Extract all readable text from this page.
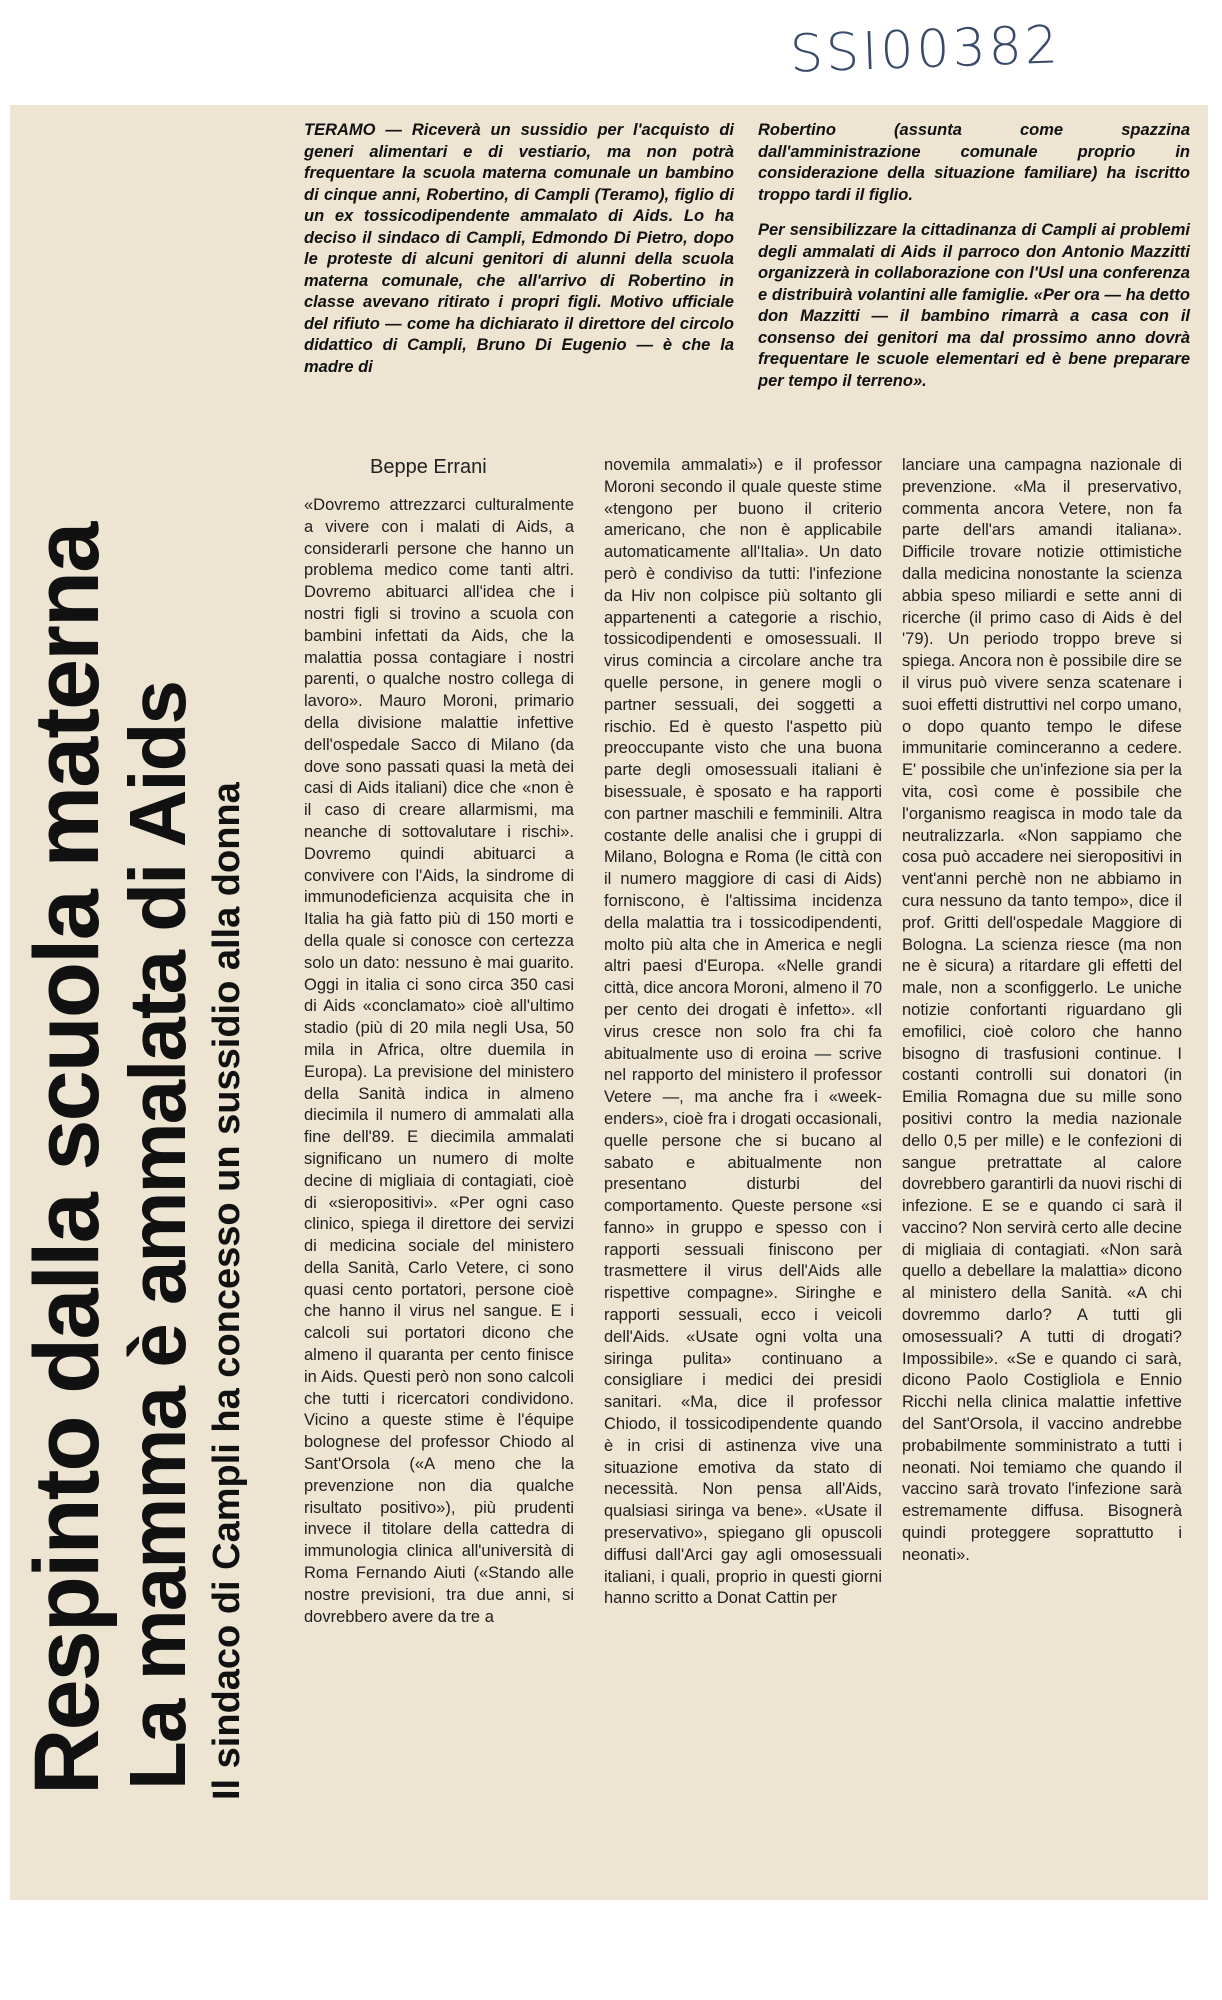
SSI00382
Respinto dalla scuola materna
La mamma è ammalata di Aids Il sindaco di Campli ha concesso un sussidio alla donna

TERAMO — Riceverà un sussidio per l'acquisto di generi alimentari e di vestiario, ma non potrà frequentare la scuola materna comunale un bambino di cinque anni, Robertino, di Campli (Teramo), figlio di un ex tossicodipendente ammalato di Aids. Lo ha deciso il sindaco di Campli, Edmondo Di Pietro, dopo le proteste di alcuni genitori di alunni della scuola materna comunale, che all'arrivo di Robertino in classe avevano ritirato i propri figli. Motivo ufficiale del rifiuto — come ha dichiarato il direttore del circolo didattico di Campli, Bruno Di Eugenio — è che la madre di

Robertino (assunta come spazzina dall'amministrazione comunale proprio in considerazione della situazione familiare) ha iscritto troppo tardi il figlio.

Per sensibilizzare la cittadinanza di Campli ai problemi degli ammalati di Aids il parroco don Antonio Mazzitti organizzerà in collaborazione con l'Usl una conferenza e distribuirà volantini alle famiglie. «Per ora — ha detto don Mazzitti — il bambino rimarrà a casa con il consenso dei genitori ma dal prossimo anno dovrà frequentare le scuole elementari ed è bene preparare per tempo il terreno».

Beppe Errani

«Dovremo attrezzarci culturalmente a vivere con i malati di Aids, a considerarli persone che hanno un problema medico come tanti altri. Dovremo abituarci all'idea che i nostri figli si trovino a scuola con bambini infettati da Aids, che la malattia possa contagiare i nostri parenti, o qualche nostro collega di lavoro». Mauro Moroni, primario della divisione malattie infettive dell'ospedale Sacco di Milano (da dove sono passati quasi la metà dei casi di Aids italiani) dice che «non è il caso di creare allarmismi, ma neanche di sottovalutare i rischi». Dovremo quindi abituarci a convivere con l'Aids, la sindrome di immunodeficienza acquisita che in Italia ha già fatto più di 150 morti e della quale si conosce con certezza solo un dato: nessuno è mai guarito. Oggi in italia ci sono circa 350 casi di Aids «conclamato» cioè all'ultimo stadio (più di 20 mila negli Usa, 50 mila in Africa, oltre duemila in Europa). La previsione del ministero della Sanità indica in almeno diecimila il numero di ammalati alla fine dell'89. E diecimila ammalati significano un numero di molte decine di migliaia di contagiati, cioè di «sieropositivi». «Per ogni caso clinico, spiega il direttore dei servizi di medicina sociale del ministero della Sanità, Carlo Vetere, ci sono quasi cento portatori, persone cioè che hanno il virus nel sangue. E i calcoli sui portatori dicono che almeno il quaranta per cento finisce in Aids. Questi però non sono calcoli che tutti i ricercatori condividono. Vicino a queste stime è l'équipe bolognese del professor Chiodo al Sant'Orsola («A meno che la prevenzione non dia qualche risultato positivo»), più prudenti invece il titolare della cattedra di immunologia clinica all'università di Roma Fernando Aiuti («Stando alle nostre previsioni, tra due anni, si dovrebbero avere da tre a

novemila ammalati») e il professor Moroni secondo il quale queste stime «tengono per buono il criterio americano, che non è applicabile automaticamente all'Italia». Un dato però è condiviso da tutti: l'infezione da Hiv non colpisce più soltanto gli appartenenti a categorie a rischio, tossicodipendenti e omosessuali. Il virus comincia a circolare anche tra quelle persone, in genere mogli o partner sessuali, dei soggetti a rischio. Ed è questo l'aspetto più preoccupante visto che una buona parte degli omosessuali italiani è bisessuale, è sposato e ha rapporti con partner maschili e femminili. Altra costante delle analisi che i gruppi di Milano, Bologna e Roma (le città con il numero maggiore di casi di Aids) forniscono, è l'altissima incidenza della malattia tra i tossicodipendenti, molto più alta che in America e negli altri paesi d'Europa. «Nelle grandi città, dice ancora Moroni, almeno il 70 per cento dei drogati è infetto». «Il virus cresce non solo fra chi fa abitualmente uso di eroina — scrive nel rapporto del ministero il professor Vetere —, ma anche fra i «week-enders», cioè fra i drogati occasionali, quelle persone che si bucano al sabato e abitualmente non presentano disturbi del comportamento. Queste persone «si fanno» in gruppo e spesso con i rapporti sessuali finiscono per trasmettere il virus dell'Aids alle rispettive compagne». Siringhe e rapporti sessuali, ecco i veicoli dell'Aids. «Usate ogni volta una siringa pulita» continuano a consigliare i medici dei presidi sanitari. «Ma, dice il professor Chiodo, il tossicodipendente quando è in crisi di astinenza vive una situazione emotiva da stato di necessità. Non pensa all'Aids, qualsiasi siringa va bene». «Usate il preservativo», spiegano gli opuscoli diffusi dall'Arci gay agli omosessuali italiani, i quali, proprio in questi giorni hanno scritto a Donat Cattin per

lanciare una campagna nazionale di prevenzione. «Ma il preservativo, commenta ancora Vetere, non fa parte dell'ars amandi italiana». Difficile trovare notizie ottimistiche dalla medicina nonostante la scienza abbia speso miliardi e sette anni di ricerche (il primo caso di Aids è del '79). Un periodo troppo breve si spiega. Ancora non è possibile dire se il virus può vivere senza scatenare i suoi effetti distruttivi nel corpo umano, o dopo quanto tempo le difese immunitarie cominceranno a cedere. E' possibile che un'infezione sia per la vita, così come è possibile che l'organismo reagisca in modo tale da neutralizzarla. «Non sappiamo che cosa può accadere nei sieropositivi in vent'anni perchè non ne abbiamo in cura nessuno da tanto tempo», dice il prof. Gritti dell'ospedale Maggiore di Bologna. La scienza riesce (ma non ne è sicura) a ritardare gli effetti del male, non a sconfiggerlo. Le uniche notizie confortanti riguardano gli emofilici, cioè coloro che hanno bisogno di trasfusioni continue. I costanti controlli sui donatori (in Emilia Romagna due su mille sono positivi contro la media nazionale dello 0,5 per mille) e le confezioni di sangue pretrattate al calore dovrebbero garantirli da nuovi rischi di infezione. E se e quando ci sarà il vaccino? Non servirà certo alle decine di migliaia di contagiati. «Non sarà quello a debellare la malattia» dicono al ministero della Sanità. «A chi dovremmo darlo? A tutti gli omosessuali? A tutti di drogati? Impossibile». «Se e quando ci sarà, dicono Paolo Costigliola e Ennio Ricchi nella clinica malattie infettive del Sant'Orsola, il vaccino andrebbe probabilmente somministrato a tutti i neonati. Noi temiamo che quando il vaccino sarà trovato l'infezione sarà estremamente diffusa. Bisognerà quindi proteggere soprattutto i neonati».
